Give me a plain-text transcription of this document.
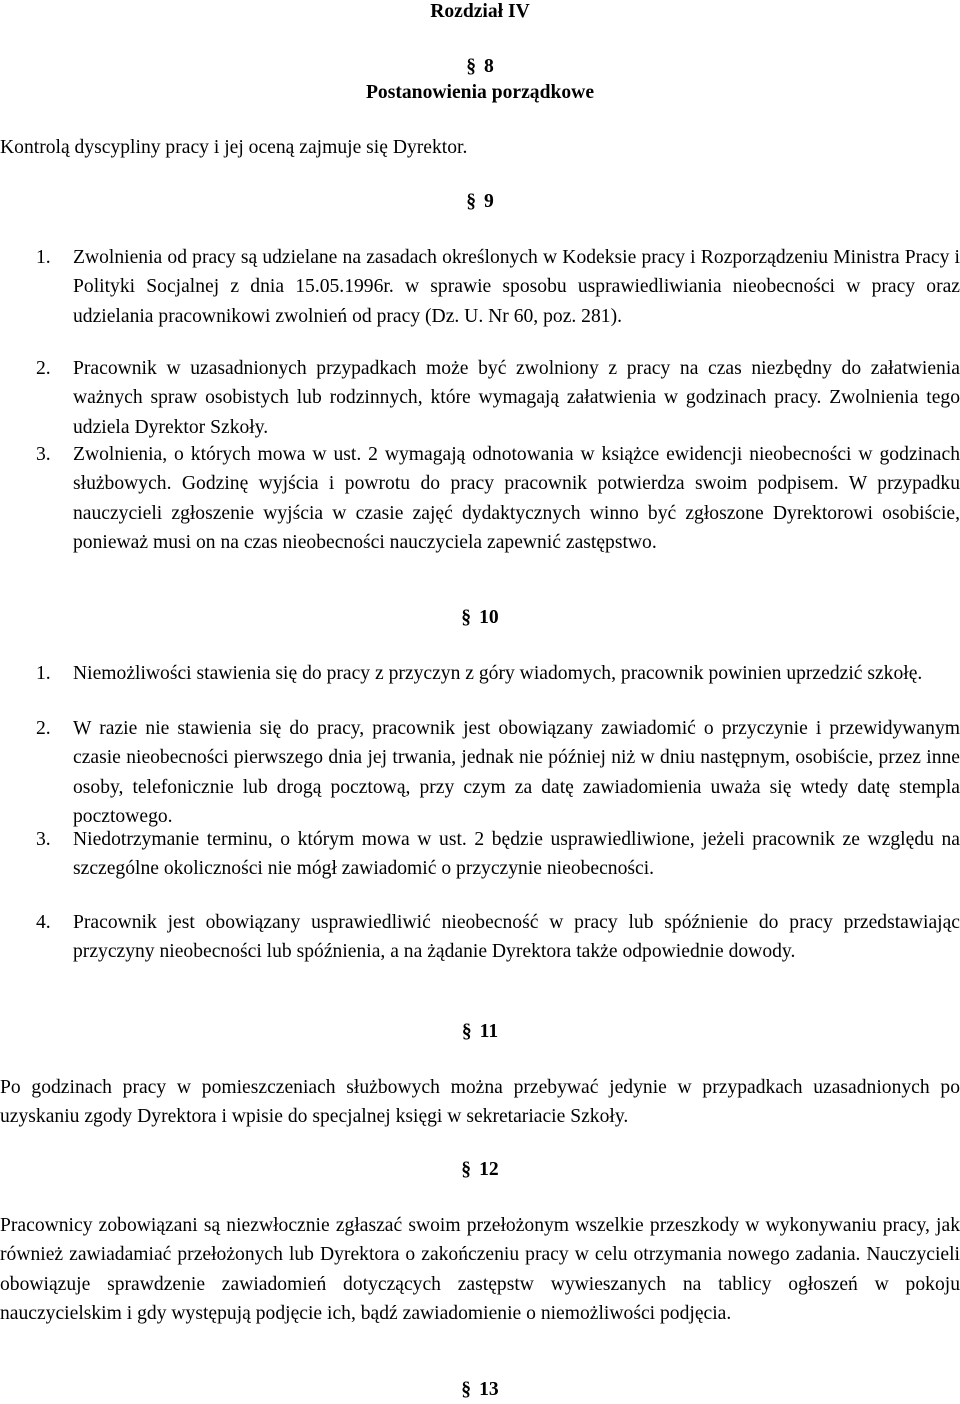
Rozdział IV
§ 8
Postanowienia porządkowe
Kontrolą dyscypliny pracy i jej oceną zajmuje się Dyrektor.
§ 9
1. Zwolnienia od pracy są udzielane na zasadach określonych w Kodeksie pracy i Rozporządzeniu Ministra Pracy i Polityki Socjalnej z dnia 15.05.1996r. w sprawie sposobu usprawiedliwiania nieobecności w pracy oraz udzielania pracownikowi zwolnień od pracy (Dz. U. Nr 60, poz. 281).
2. Pracownik w uzasadnionych przypadkach może być zwolniony z pracy na czas niezbędny do załatwienia ważnych spraw osobistych lub rodzinnych, które wymagają załatwienia w godzinach pracy. Zwolnienia tego udziela Dyrektor Szkoły.
3. Zwolnienia, o których mowa w ust. 2 wymagają odnotowania w książce ewidencji nieobecności w godzinach służbowych. Godzinę wyjścia i powrotu do pracy pracownik potwierdza swoim podpisem. W przypadku nauczycieli zgłoszenie wyjścia w czasie zajęć dydaktycznych winno być zgłoszone Dyrektorowi osobiście, ponieważ musi on na czas nieobecności nauczyciela zapewnić zastępstwo.
§ 10
1. Niemożliwości stawienia się do pracy z przyczyn z góry wiadomych, pracownik powinien uprzedzić szkołę.
2. W razie nie stawienia się do pracy, pracownik jest obowiązany zawiadomić o przyczynie i przewidywanym czasie nieobecności pierwszego dnia jej trwania, jednak nie później niż w dniu następnym, osobiście, przez inne osoby, telefonicznie lub drogą pocztową, przy czym za datę zawiadomienia uważa się wtedy datę stempla pocztowego.
3. Niedotrzymanie terminu, o którym mowa w ust. 2 będzie usprawiedliwione, jeżeli pracownik ze względu na szczególne okoliczności nie mógł zawiadomić o przyczynie nieobecności.
4. Pracownik jest obowiązany usprawiedliwić nieobecność w pracy lub spóźnienie do pracy przedstawiając przyczyny nieobecności lub spóźnienia, a na żądanie Dyrektora także odpowiednie dowody.
§ 11
Po godzinach pracy w pomieszczeniach służbowych można przebywać jedynie w przypadkach uzasadnionych po uzyskaniu zgody Dyrektora i wpisie do specjalnej księgi w sekretariacie Szkoły.
§ 12
Pracownicy zobowiązani są niezwłocznie zgłaszać swoim przełożonym wszelkie przeszkody w wykonywaniu pracy, jak również zawiadamiać przełożonych lub Dyrektora o zakończeniu pracy w celu otrzymania nowego zadania. Nauczycieli obowiązuje sprawdzenie zawiadomień dotyczących zastępstw wywieszanych na tablicy ogłoszeń w pokoju nauczycielskim i gdy występują podjęcie ich, bądź zawiadomienie o niemożliwości podjęcia.
§ 13
